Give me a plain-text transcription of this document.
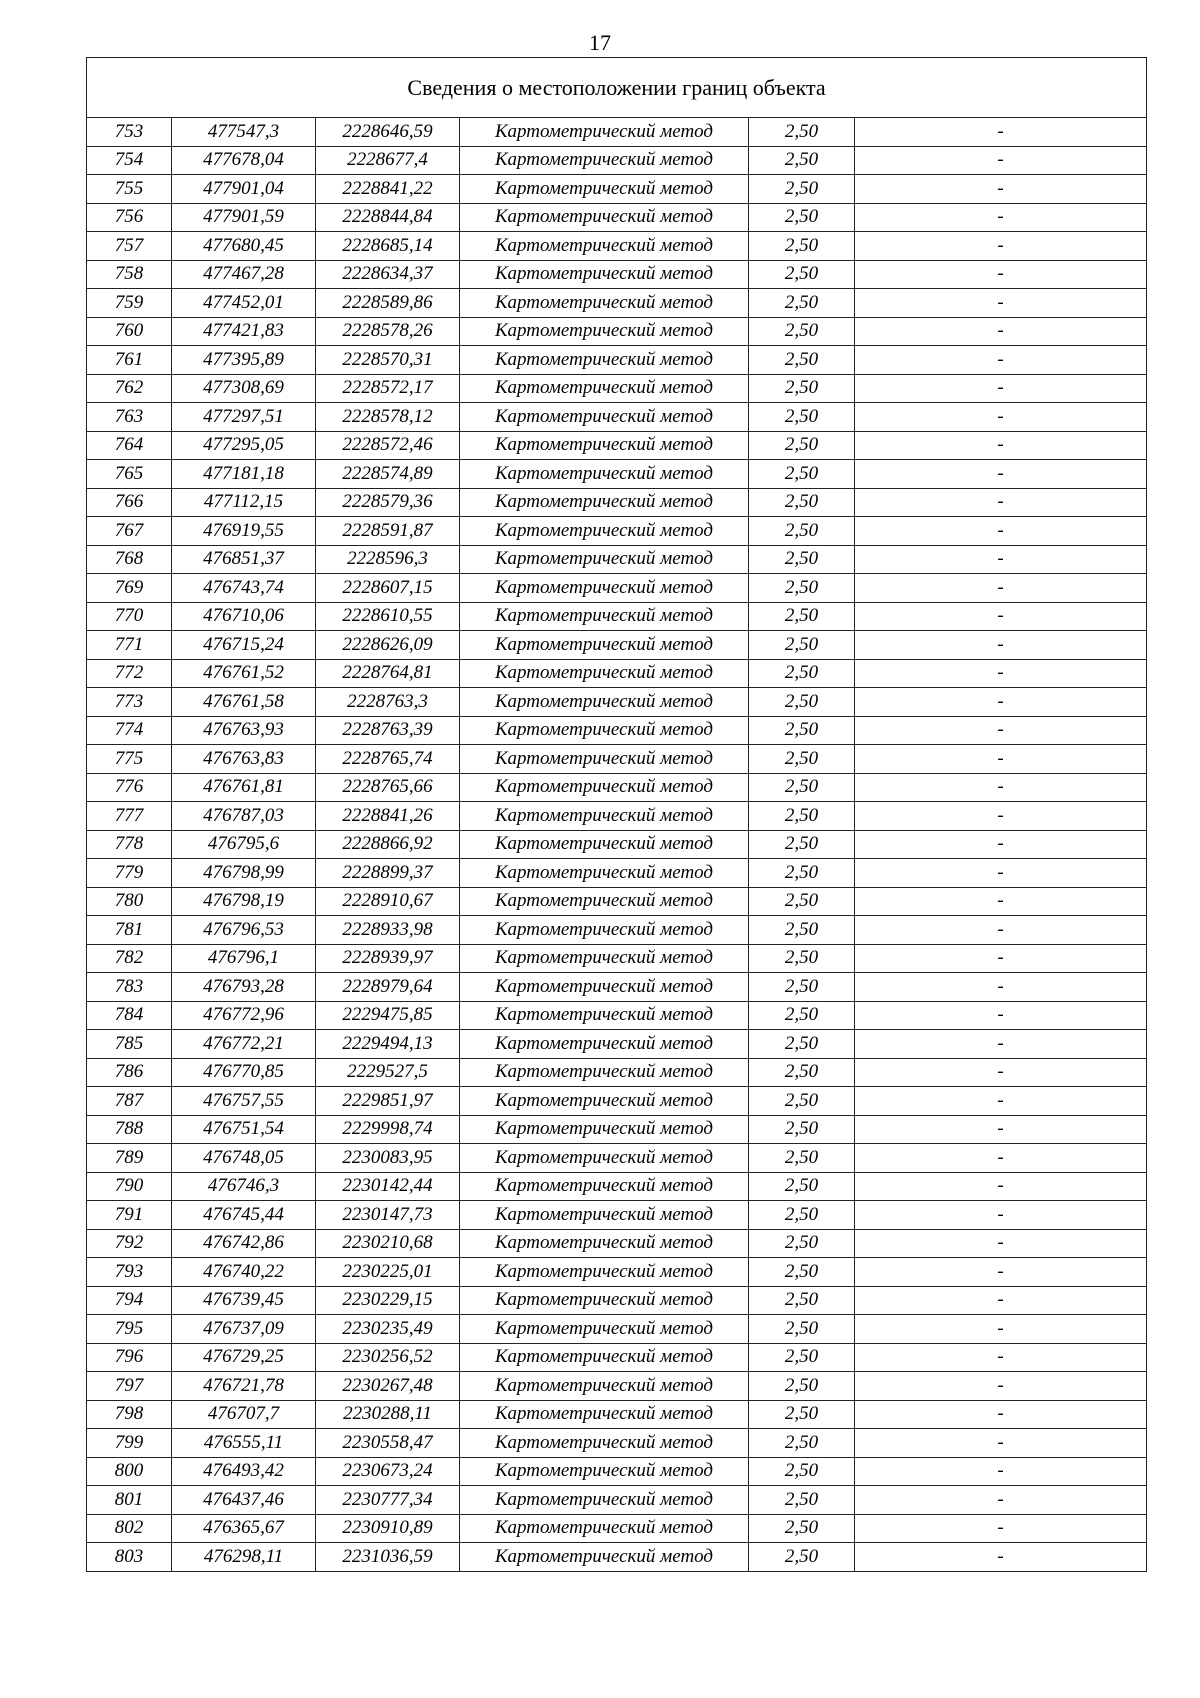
17
Сведения о местоположении границ объекта					
753	477547,3	2228646,59	Картометрический метод	2,50	-
754	477678,04	2228677,4	Картометрический метод	2,50	-
755	477901,04	2228841,22	Картометрический метод	2,50	-
756	477901,59	2228844,84	Картометрический метод	2,50	-
757	477680,45	2228685,14	Картометрический метод	2,50	-
758	477467,28	2228634,37	Картометрический метод	2,50	-
759	477452,01	2228589,86	Картометрический метод	2,50	-
760	477421,83	2228578,26	Картометрический метод	2,50	-
761	477395,89	2228570,31	Картометрический метод	2,50	-
762	477308,69	2228572,17	Картометрический метод	2,50	-
763	477297,51	2228578,12	Картометрический метод	2,50	-
764	477295,05	2228572,46	Картометрический метод	2,50	-
765	477181,18	2228574,89	Картометрический метод	2,50	-
766	477112,15	2228579,36	Картометрический метод	2,50	-
767	476919,55	2228591,87	Картометрический метод	2,50	-
768	476851,37	2228596,3	Картометрический метод	2,50	-
769	476743,74	2228607,15	Картометрический метод	2,50	-
770	476710,06	2228610,55	Картометрический метод	2,50	-
771	476715,24	2228626,09	Картометрический метод	2,50	-
772	476761,52	2228764,81	Картометрический метод	2,50	-
773	476761,58	2228763,3	Картометрический метод	2,50	-
774	476763,93	2228763,39	Картометрический метод	2,50	-
775	476763,83	2228765,74	Картометрический метод	2,50	-
776	476761,81	2228765,66	Картометрический метод	2,50	-
777	476787,03	2228841,26	Картометрический метод	2,50	-
778	476795,6	2228866,92	Картометрический метод	2,50	-
779	476798,99	2228899,37	Картометрический метод	2,50	-
780	476798,19	2228910,67	Картометрический метод	2,50	-
781	476796,53	2228933,98	Картометрический метод	2,50	-
782	476796,1	2228939,97	Картометрический метод	2,50	-
783	476793,28	2228979,64	Картометрический метод	2,50	-
784	476772,96	2229475,85	Картометрический метод	2,50	-
785	476772,21	2229494,13	Картометрический метод	2,50	-
786	476770,85	2229527,5	Картометрический метод	2,50	-
787	476757,55	2229851,97	Картометрический метод	2,50	-
788	476751,54	2229998,74	Картометрический метод	2,50	-
789	476748,05	2230083,95	Картометрический метод	2,50	-
790	476746,3	2230142,44	Картометрический метод	2,50	-
791	476745,44	2230147,73	Картометрический метод	2,50	-
792	476742,86	2230210,68	Картометрический метод	2,50	-
793	476740,22	2230225,01	Картометрический метод	2,50	-
794	476739,45	2230229,15	Картометрический метод	2,50	-
795	476737,09	2230235,49	Картометрический метод	2,50	-
796	476729,25	2230256,52	Картометрический метод	2,50	-
797	476721,78	2230267,48	Картометрический метод	2,50	-
798	476707,7	2230288,11	Картометрический метод	2,50	-
799	476555,11	2230558,47	Картометрический метод	2,50	-
800	476493,42	2230673,24	Картометрический метод	2,50	-
801	476437,46	2230777,34	Картометрический метод	2,50	-
802	476365,67	2230910,89	Картометрический метод	2,50	-
803	476298,11	2231036,59	Картометрический метод	2,50	-
